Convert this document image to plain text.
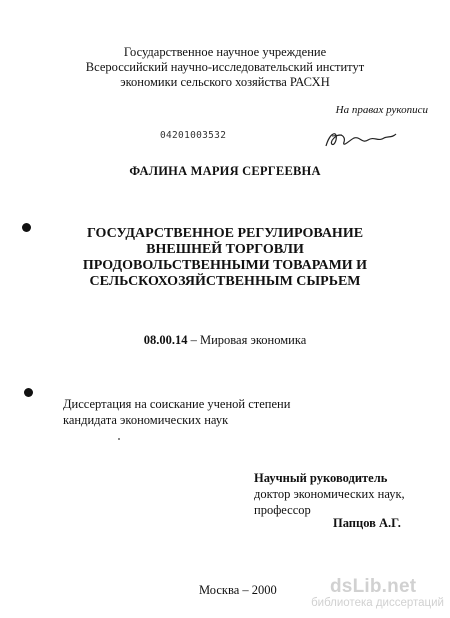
Государственное научное учреждение
Всероссийский научно-исследовательский институт
экономики сельского хозяйства РАСХН
На правах рукописи
04201003532
ФАЛИНА МАРИЯ СЕРГЕЕВНА
ГОСУДАРСТВЕННОЕ РЕГУЛИРОВАНИЕ
ВНЕШНЕЙ ТОРГОВЛИ
ПРОДОВОЛЬСТВЕННЫМИ ТОВАРАМИ И
СЕЛЬСКОХОЗЯЙСТВЕННЫМ СЫРЬЕМ
08.00.14 – Мировая экономика
Диссертация на соискание ученой степени
кандидата экономических наук
Научный руководитель
доктор экономических наук,
профессор
Папцов А.Г.
Москва – 2000	dsLib.net
библиотека диссертаций
